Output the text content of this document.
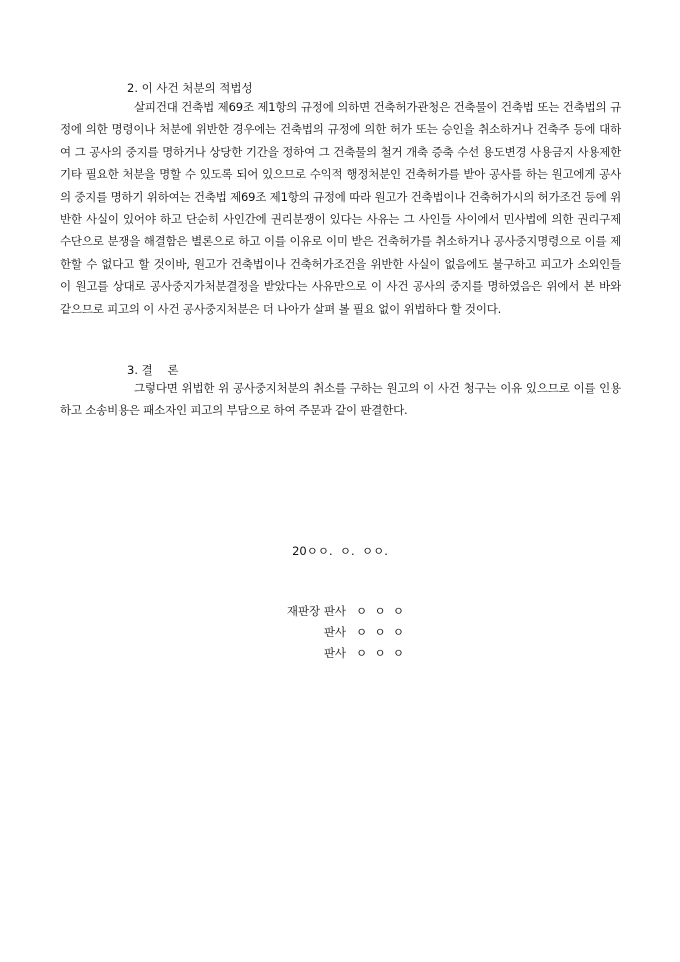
2. 이 사건 처분의 적법성
살피건대 건축법 제69조 제1항의 규정에 의하면 건축허가관청은 건축물이 건축법 또는 건축법의 규정에 의한 명령이나 처분에 위반한 경우에는 건축법의 규정에 의한 허가 또는 승인을 취소하거나 건축주 등에 대하여 그 공사의 중지를 명하거나 상당한 기간을 정하여 그 건축물의 철거 개축 증축 수선 용도변경 사용금지 사용제한 기타 필요한 처분을 명할 수 있도록 되어 있으므로 수익적 행정처분인 건축허가를 받아 공사를 하는 원고에게 공사의 중지를 명하기 위하여는 건축법 제69조 제1항의 규정에 따라 원고가 건축법이나 건축허가시의 허가조건 등에 위반한 사실이 있어야 하고 단순히 사인간에 권리분쟁이 있다는 사유는 그 사인들 사이에서 민사법에 의한 권리구제수단으로 분쟁을 해결함은 별론으로 하고 이를 이유로 이미 받은 건축허가를 취소하거나 공사중지명령으로 이를 제한할 수 없다고 할 것이바, 원고가 건축법이나 건축허가조건을 위반한 사실이 없음에도 불구하고 피고가 소외인들이 원고를 상대로 공사중지가처분결정을 받았다는 사유만으로 이 사건 공사의 중지를 명하였음은 위에서 본 바와 같으므로 피고의 이 사건 공사중지처분은 더 나아가 살펴 볼 필요 없이 위법하다 할 것이다.
3. 결    론
그렇다면 위법한 위 공사중지처분의 취소를 구하는 원고의 이 사건 청구는 이유 있으므로 이를 인용하고 소송비용은 패소자인 피고의 부담으로 하여 주문과 같이 판결한다.
20ㅇㅇ.  ㅇ.  ㅇㅇ.
재판장 판사 ㅇ  ㅇ  ㅇ
판사 ㅇ  ㅇ  ㅇ
판사 ㅇ  ㅇ  ㅇ
